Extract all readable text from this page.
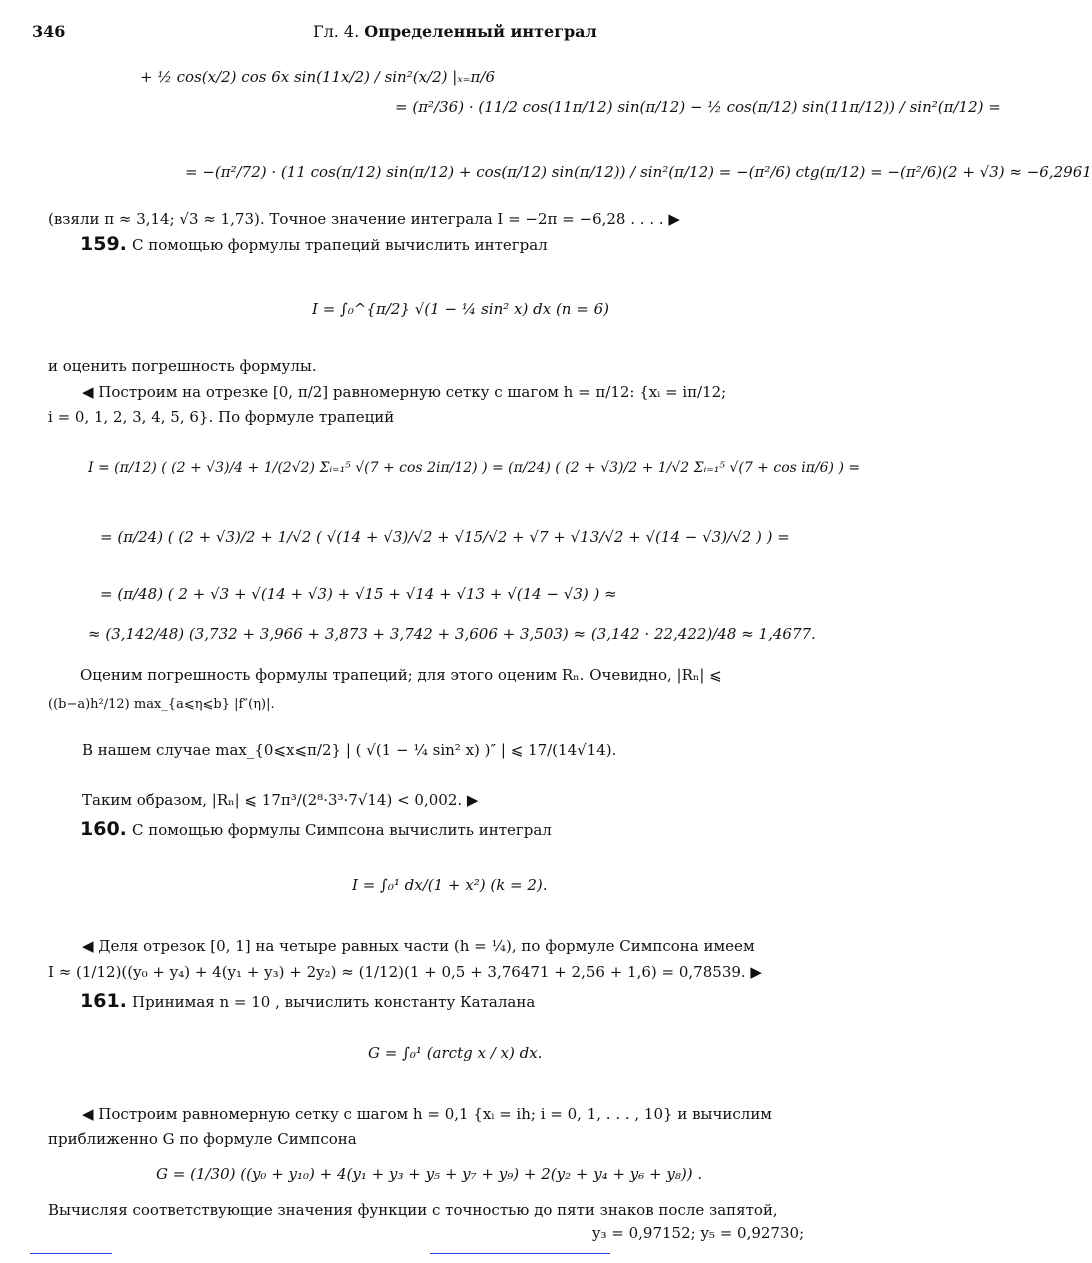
346	Гл. 4. Определенный интеграл
+ ½ cos(x/2) cos 6x sin(11x/2) / sin²(x/2) |ₓ₌π/6
= (π²/36) · (11/2 cos(11π/12) sin(π/12) − ½ cos(π/12) sin(11π/12)) / sin²(π/12) =
= −(π²/72) · (11 cos(π/12) sin(π/12) + cos(π/12) sin(π/12)) / sin²(π/12) = −(π²/6) ctg(π/12) = −(π²/6)(2 + √3) ≈ −6,2961
(взяли π ≈ 3,14; √3 ≈ 1,73). Точное значение интеграла I = −2π = −6,28 . . . . ▶
159. С помощью формулы трапеций вычислить интеграл
I = ∫₀^{π/2} √(1 − ¼ sin² x) dx (n = 6)
и оценить погрешность формулы.
◀ Построим на отрезке [0, π/2] равномерную сетку с шагом h = π/12: {xᵢ = iπ/12;
i = 0, 1, 2, 3, 4, 5, 6}. По формуле трапеций
I = (π/12) ( (2 + √3)/4 + 1/(2√2) Σᵢ₌₁⁵ √(7 + cos 2iπ/12) ) = (π/24) ( (2 + √3)/2 + 1/√2 Σᵢ₌₁⁵ √(7 + cos iπ/6) ) =
= (π/24) ( (2 + √3)/2 + 1/√2 ( √(14 + √3)/√2 + √15/√2 + √7 + √13/√2 + √(14 − √3)/√2 ) ) =
= (π/48) ( 2 + √3 + √(14 + √3) + √15 + √14 + √13 + √(14 − √3) ) ≈
≈ (3,142/48) (3,732 + 3,966 + 3,873 + 3,742 + 3,606 + 3,503) ≈ (3,142 · 22,422)/48 ≈ 1,4677.
Оценим погрешность формулы трапеций; для этого оценим Rₙ. Очевидно, |Rₙ| ⩽
((b−a)h²/12) max_{a⩽η⩽b} |f″(η)|.
В нашем случае max_{0⩽x⩽π/2} | ( √(1 − ¼ sin² x) )″ | ⩽ 17/(14√14).
Таким образом, |Rₙ| ⩽ 17π³/(2⁸·3³·7√14) < 0,002. ▶
160. С помощью формулы Симпсона вычислить интеграл
I = ∫₀¹ dx/(1 + x²) (k = 2).
◀ Деля отрезок [0, 1] на четыре равных части (h = ¼), по формуле Симпсона имеем
I ≈ (1/12)((y₀ + y₄) + 4(y₁ + y₃) + 2y₂) ≈ (1/12)(1 + 0,5 + 3,76471 + 2,56 + 1,6) = 0,78539. ▶
161. Принимая n = 10 , вычислить константу Каталана
G = ∫₀¹ (arctg x / x) dx.
◀ Построим равномерную сетку с шагом h = 0,1 {xᵢ = ih; i = 0, 1, . . . , 10} и вычислим
приближенно G по формуле Симпсона
G = (1/30) ((y₀ + y₁₀) + 4(y₁ + y₃ + y₅ + y₇ + y₉) + 2(y₂ + y₄ + y₆ + y₈)) .
Вычисляя соответствующие значения функции с точностью до пяти знаков после запятой,
y₃ = 0,97152; y₅ = 0,92730;
